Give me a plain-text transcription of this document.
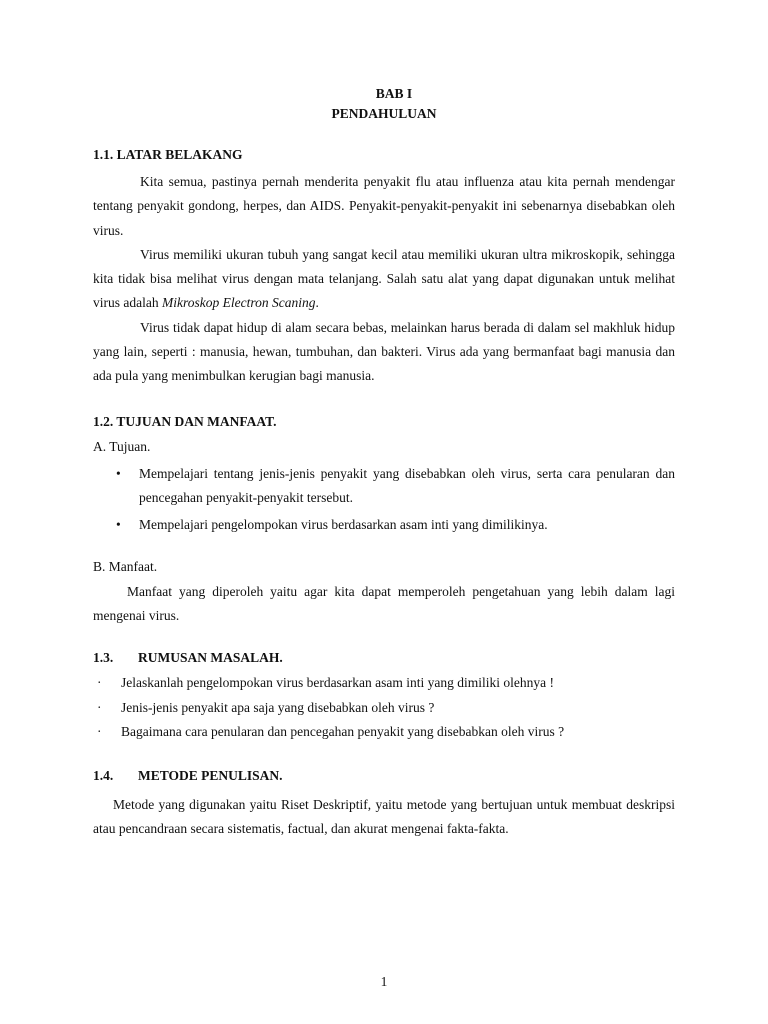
BAB I
PENDAHULUAN
1.1. LATAR BELAKANG

Kita semua, pastinya pernah menderita penyakit flu atau influenza atau kita pernah mendengar tentang penyakit gondong, herpes, dan AIDS. Penyakit-penyakit-penyakit ini sebenarnya disebabkan oleh virus.

Virus memiliki ukuran tubuh yang sangat kecil atau memiliki ukuran ultra mikroskopik, sehingga kita tidak bisa melihat virus dengan mata telanjang. Salah satu alat yang dapat digunakan untuk melihat virus adalah Mikroskop Electron Scaning.

Virus tidak dapat hidup di alam secara bebas, melainkan harus berada di dalam sel makhluk hidup yang lain, seperti : manusia, hewan, tumbuhan, dan bakteri. Virus ada yang bermanfaat bagi manusia dan ada pula yang menimbulkan kerugian bagi manusia.

1.2. TUJUAN DAN MANFAAT.
A. Tujuan.
• Mempelajari tentang jenis-jenis penyakit yang disebabkan oleh virus, serta cara penularan dan pencegahan penyakit-penyakit tersebut.
• Mempelajari pengelompokan virus berdasarkan asam inti yang dimilikinya.
B. Manfaat.

Manfaat yang diperoleh yaitu agar kita dapat memperoleh pengetahuan yang lebih dalam lagi mengenai virus.

1.3.	RUMUSAN MASALAH.
· Jelaskanlah pengelompokan virus berdasarkan asam inti yang dimiliki olehnya !
· Jenis-jenis penyakit apa saja yang disebabkan oleh virus ?
· Bagaimana cara penularan dan pencegahan penyakit yang disebabkan oleh virus ?
1.4.	METODE PENULISAN.

Metode yang digunakan yaitu Riset Deskriptif, yaitu metode yang bertujuan untuk membuat deskripsi atau pencandraan secara sistematis, factual, dan akurat mengenai fakta-fakta.

1
